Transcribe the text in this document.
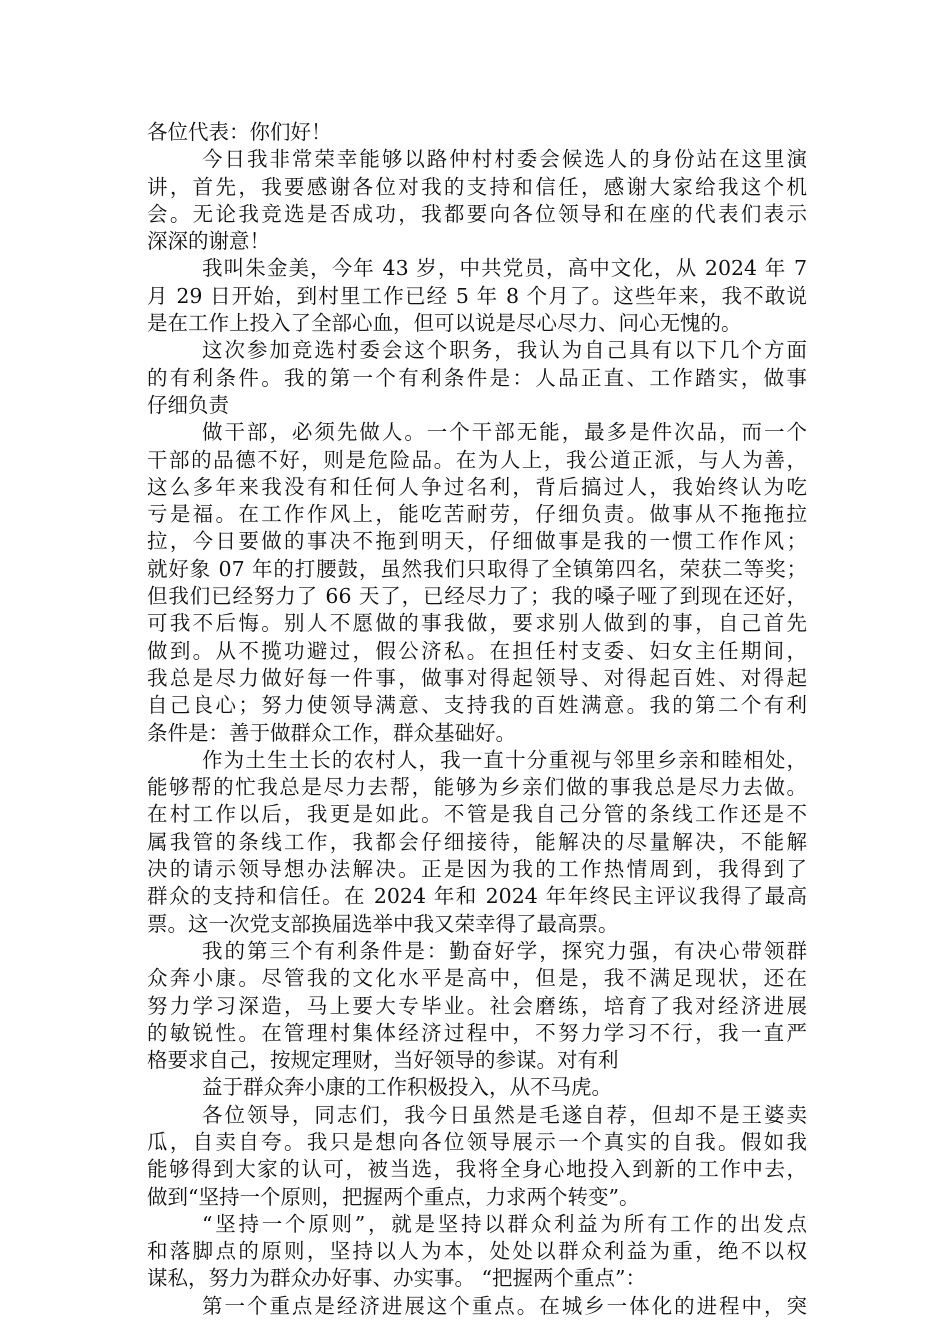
各位代表：你们好！
今日我非常荣幸能够以路仲村村委会候选人的身份站在这里演
讲，首先，我要感谢各位对我的支持和信任，感谢大家给我这个机
会。无论我竞选是否成功，我都要向各位领导和在座的代表们表示
深深的谢意！
我叫朱金美，今年 43 岁，中共党员，高中文化，从 2024 年 7
月 29 日开始，到村里工作已经 5 年 8 个月了。这些年来，我不敢说
是在工作上投入了全部心血，但可以说是尽心尽力、问心无愧的。
这次参加竞选村委会这个职务，我认为自己具有以下几个方面
的有利条件。我的第一个有利条件是：人品正直、工作踏实，做事
仔细负责
做干部，必须先做人。一个干部无能，最多是件次品，而一个
干部的品德不好，则是危险品。在为人上，我公道正派，与人为善，
这么多年来我没有和任何人争过名利，背后搞过人，我始终认为吃
亏是福。在工作作风上，能吃苦耐劳，仔细负责。做事从不拖拖拉
拉，今日要做的事决不拖到明天，仔细做事是我的一惯工作作风；
就好象 07 年的打腰鼓，虽然我们只取得了全镇第四名，荣获二等奖；
但我们已经努力了 66 天了，已经尽力了；我的嗓子哑了到现在还好，
可我不后悔。别人不愿做的事我做，要求别人做到的事，自己首先
做到。从不揽功避过，假公济私。在担任村支委、妇女主任期间，
我总是尽力做好每一件事，做事对得起领导、对得起百姓、对得起
自己良心；努力使领导满意、支持我的百姓满意。我的第二个有利
条件是：善于做群众工作，群众基础好。
作为土生土长的农村人，我一直十分重视与邻里乡亲和睦相处，
能够帮的忙我总是尽力去帮，能够为乡亲们做的事我总是尽力去做。
在村工作以后，我更是如此。不管是我自己分管的条线工作还是不
属我管的条线工作，我都会仔细接待，能解决的尽量解决，不能解
决的请示领导想办法解决。正是因为我的工作热情周到，我得到了
群众的支持和信任。在 2024 年和 2024 年年终民主评议我得了最高
票。这一次党支部换届选举中我又荣幸得了最高票。
我的第三个有利条件是：勤奋好学，探究力强，有决心带领群
众奔小康。尽管我的文化水平是高中，但是，我不满足现状，还在
努力学习深造，马上要大专毕业。社会磨练，培育了我对经济进展
的敏锐性。在管理村集体经济过程中，不努力学习不行，我一直严
格要求自己，按规定理财，当好领导的参谋。对有利
益于群众奔小康的工作积极投入，从不马虎。
各位领导，同志们，我今日虽然是毛遂自荐，但却不是王婆卖
瓜，自卖自夸。我只是想向各位领导展示一个真实的自我。假如我
能够得到大家的认可，被当选，我将全身心地投入到新的工作中去，
做到“坚持一个原则，把握两个重点，力求两个转变”。
“坚持一个原则”，就是坚持以群众利益为所有工作的出发点
和落脚点的原则，坚持以人为本，处处以群众利益为重，绝不以权
谋私，努力为群众办好事、办实事。 “把握两个重点”：
第一个重点是经济进展这个重点。在城乡一体化的进程中，突
